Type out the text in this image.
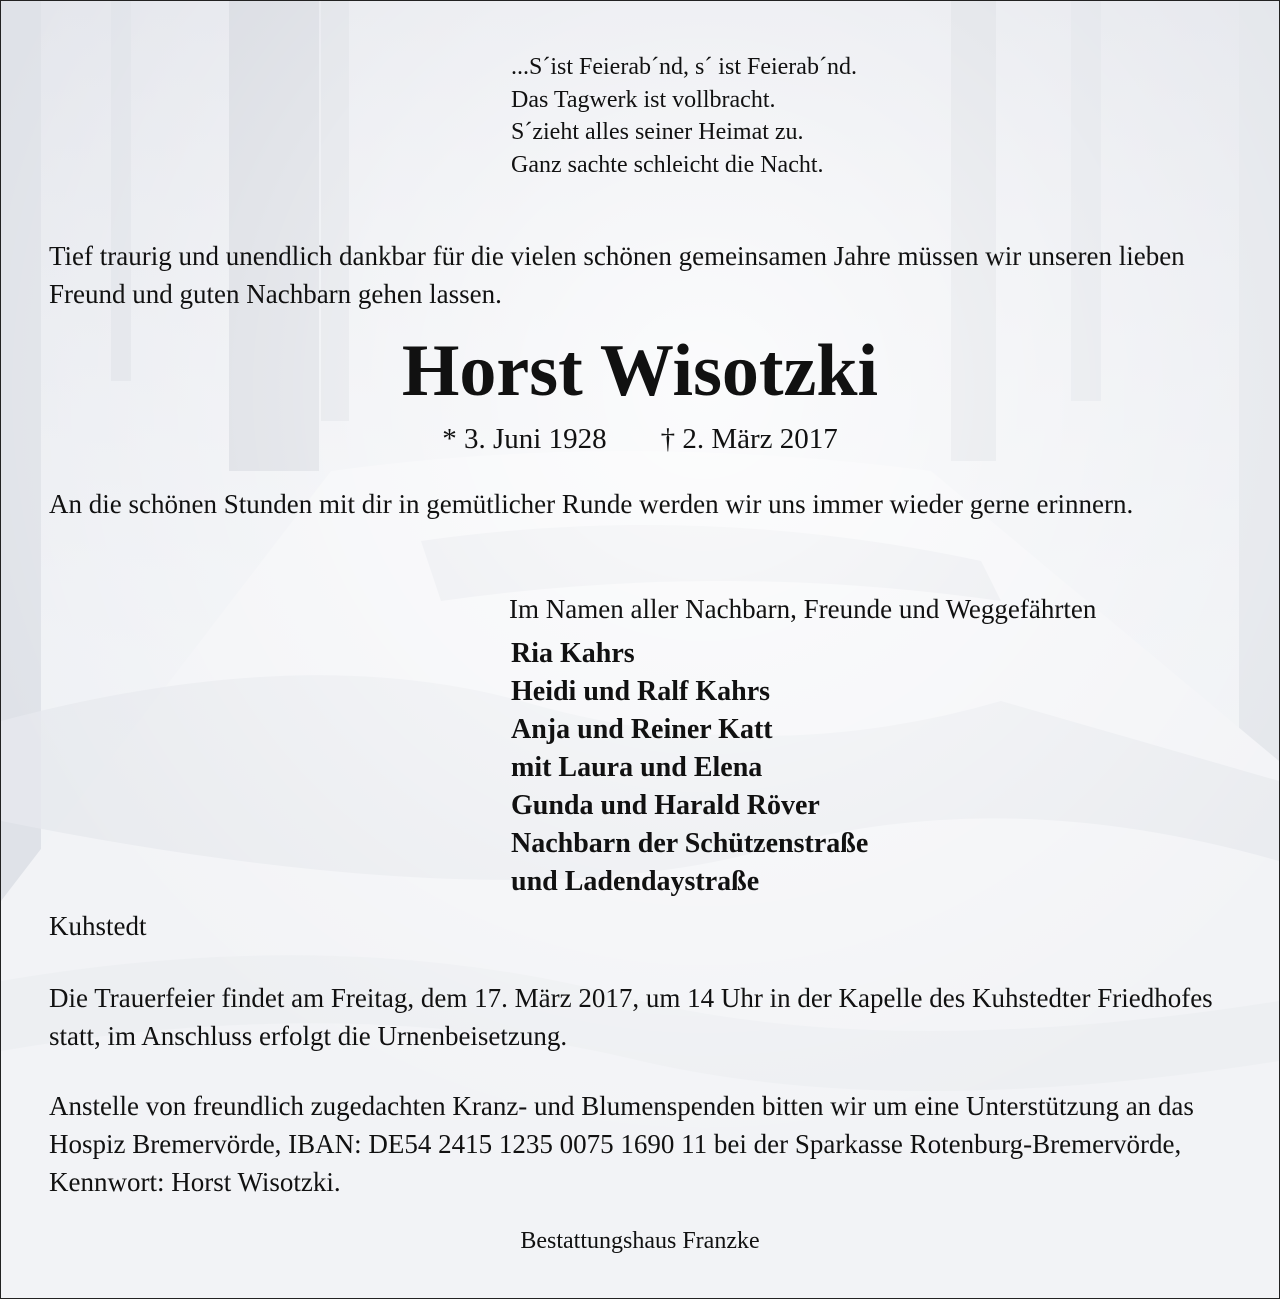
...S´ist Feierab´nd, s´ ist Feierab´nd.
Das Tagwerk ist vollbracht.
S´zieht alles seiner Heimat zu.
Ganz sachte schleicht die Nacht.

Tief traurig und unendlich dankbar für die vielen schönen gemeinsamen Jahre müssen wir unseren lieben Freund und guten Nachbarn gehen lassen.

Horst Wisotzki
* 3. Juni 1928 † 2. März 2017

An die schönen Stunden mit dir in gemütlicher Runde werden wir uns immer wieder gerne erinnern.

Im Namen aller Nachbarn, Freunde und Weggefährten
Ria Kahrs
Heidi und Ralf Kahrs
Anja und Reiner Katt
mit Laura und Elena
Gunda und Harald Röver
Nachbarn der Schützenstraße
und Ladendaystraße
Kuhstedt

Die Trauerfeier findet am Freitag, dem 17. März 2017, um 14 Uhr in der Kapelle des Kuhstedter Friedhofes statt, im Anschluss erfolgt die Urnenbeisetzung.

Anstelle von freundlich zugedachten Kranz- und Blumenspenden bitten wir um eine Unterstützung an das Hospiz Bremervörde, IBAN: DE54 2415 1235 0075 1690 11 bei der Sparkasse Rotenburg-Bremervörde, Kennwort: Horst Wisotzki.

Bestattungshaus Franzke
